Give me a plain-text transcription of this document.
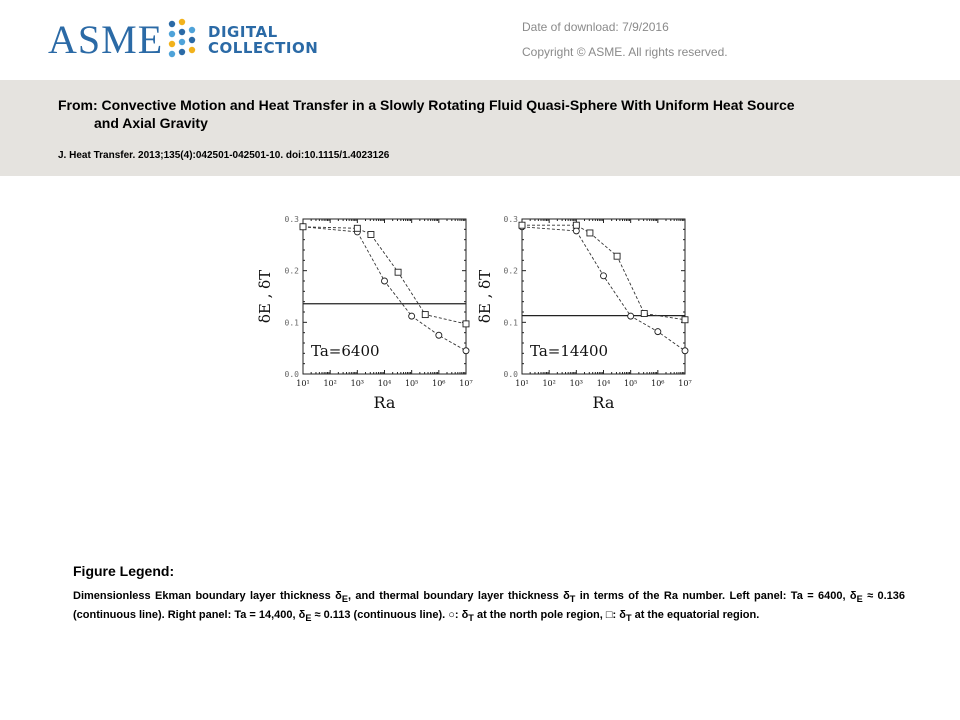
ASME	DIGITAL
COLLECTION
Date of download: 7/9/2016
Copyright © ASME. All rights reserved.
From: Convective Motion and Heat Transfer in a Slowly Rotating Fluid Quasi-Sphere With Uniform Heat Source
and Axial Gravity
J. Heat Transfer. 2013;135(4):042501-042501-10. doi:10.1115/1.4023126
0.0
0.1
0.2
0.3
10¹ 10² 10³ 10⁴ 10⁵ 10⁶ 10⁷
Ta=6400
Ra
δE , δT
0.0
0.1
0.2
0.3
10¹ 10² 10³ 10⁴ 10⁵ 10⁶ 10⁷
Ta=14400
Ra
δE , δT
Figure Legend:
Dimensionless Ekman boundary layer thickness $\delta_E$, and thermal boundary layer thickness $\delta_T$ in terms of the Ra number. Left panel: Ta = 6400, $\delta_E \approx 0.136$ (continuous line). Right panel: Ta = 14,400, $\delta_E \approx 0.113$ (continuous line). ○: $\delta_T$ at the north pole region, □: $\delta_T$ at the equatorial region.
